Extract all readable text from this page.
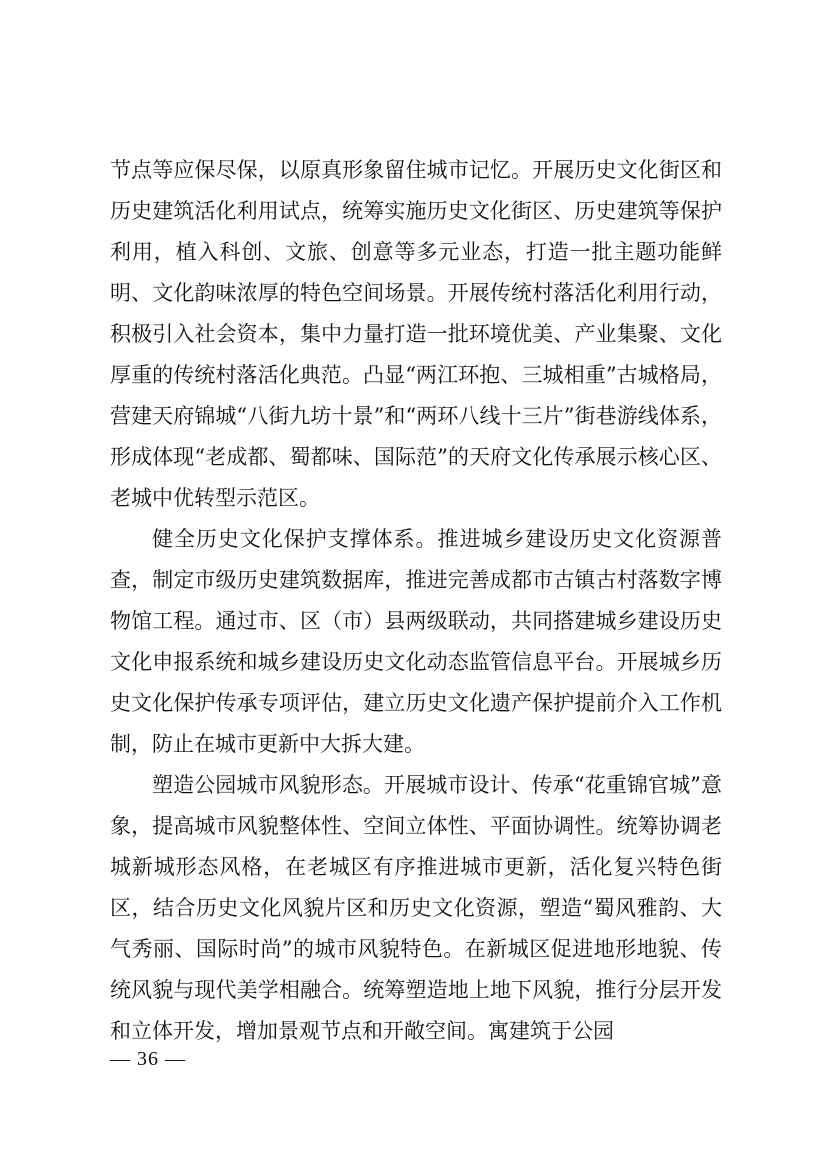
节点等应保尽保，以原真形象留住城市记忆。开展历史文化街区和历史建筑活化利用试点，统筹实施历史文化街区、历史建筑等保护利用，植入科创、文旅、创意等多元业态，打造一批主题功能鲜明、文化韵味浓厚的特色空间场景。开展传统村落活化利用行动，积极引入社会资本，集中力量打造一批环境优美、产业集聚、文化厚重的传统村落活化典范。凸显“两江环抱、三城相重”古城格局，营建天府锦城“八街九坊十景”和“两环八线十三片”街巷游线体系，形成体现“老成都、蜀都味、国际范”的天府文化传承展示核心区、老城中优转型示范区。

健全历史文化保护支撑体系。推进城乡建设历史文化资源普查，制定市级历史建筑数据库，推进完善成都市古镇古村落数字博物馆工程。通过市、区（市）县两级联动，共同搭建城乡建设历史文化申报系统和城乡建设历史文化动态监管信息平台。开展城乡历史文化保护传承专项评估，建立历史文化遗产保护提前介入工作机制，防止在城市更新中大拆大建。

塑造公园城市风貌形态。开展城市设计、传承“花重锦官城”意象，提高城市风貌整体性、空间立体性、平面协调性。统筹协调老城新城形态风格，在老城区有序推进城市更新，活化复兴特色街区，结合历史文化风貌片区和历史文化资源，塑造“蜀风雅韵、大气秀丽、国际时尚”的城市风貌特色。在新城区促进地形地貌、传统风貌与现代美学相融合。统筹塑造地上地下风貌，推行分层开发和立体开发，增加景观节点和开敞空间。寓建筑于公园

— 36 —
